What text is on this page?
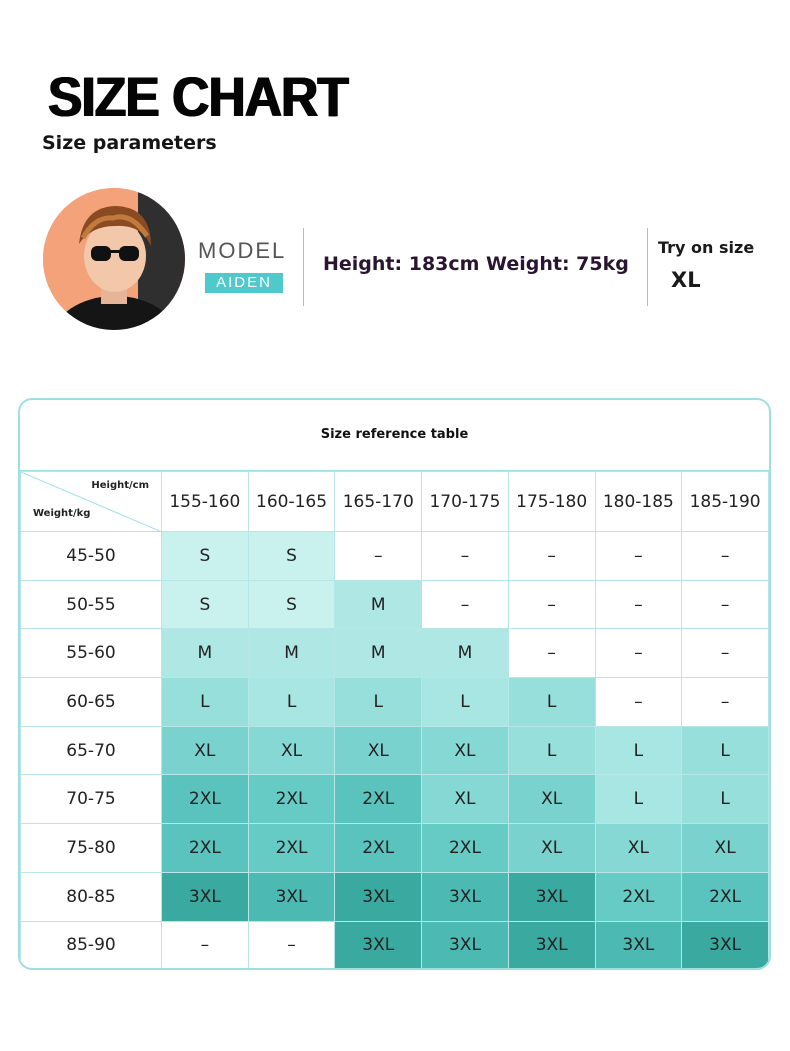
SIZE CHART
Size parameters
MODEL
AIDEN
Height: 183cm Weight: 75kg
Try on size
XL
Size reference table
Height/cm
Weight/kg	155-160	160-165	165-170	170-175	175-180	180-185	185-190
45-50	S	S	–	–	–	–	–
50-55	S	S	M	–	–	–	–
55-60	M	M	M	M	–	–	–
60-65	L	L	L	L	L	–	–
65-70	XL	XL	XL	XL	L	L	L
70-75	2XL	2XL	2XL	XL	XL	L	L
75-80	2XL	2XL	2XL	2XL	XL	XL	XL
80-85	3XL	3XL	3XL	3XL	3XL	2XL	2XL
85-90	–	–	3XL	3XL	3XL	3XL	3XL
